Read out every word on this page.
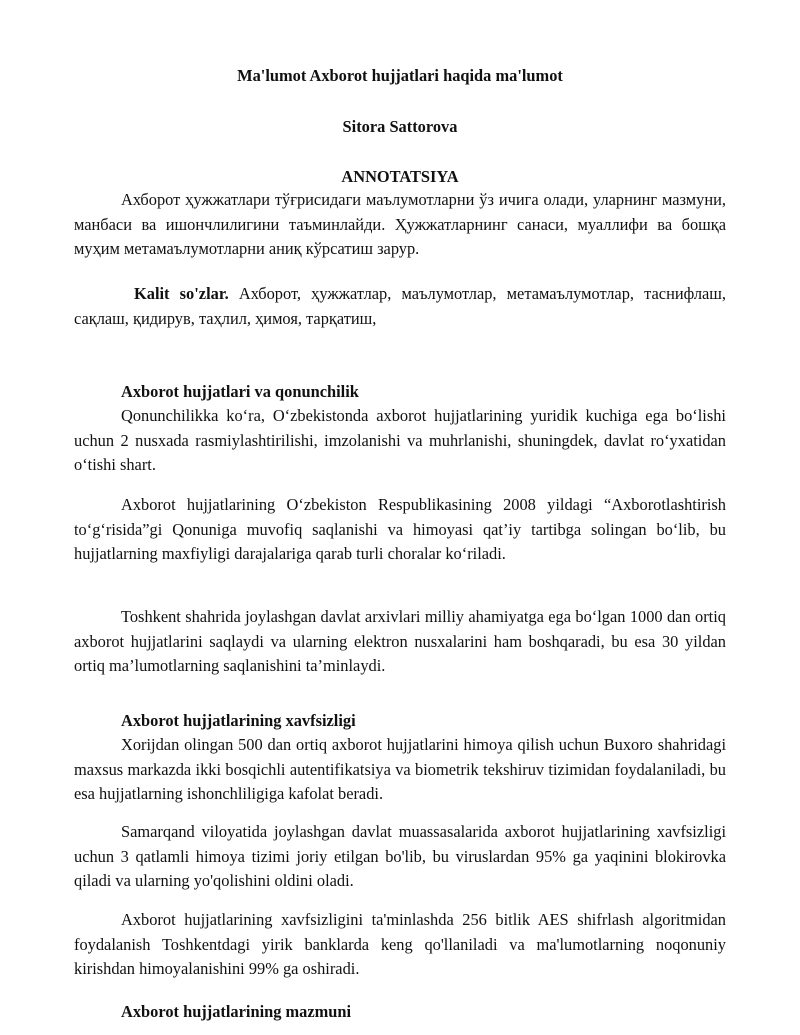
Ma'lumot Axborot hujjatlari haqida ma'lumot
Sitora Sattorova
ANNOTATSIYA

Ахборот ҳужжатлари тўғрисидаги маълумотларни ўз ичига олади, уларнинг мазмуни, манбаси ва ишончлилигини таъминлайди. Ҳужжатларнинг санаси, муаллифи ва бошқа муҳим метамаълумотларни аниқ кўрсатиш зарур.

Kalit so'zlar. Ахборот, ҳужжатлар, маълумотлар, метамаълумотлар, таснифлаш, сақлаш, қидирув, таҳлил, ҳимоя, тарқатиш,

Axborot hujjatlari va qonunchilik

Qonunchilikka ko‘ra, O‘zbekistonda axborot hujjatlarining yuridik kuchiga ega bo‘lishi uchun 2 nusxada rasmiylashtirilishi, imzolanishi va muhrlanishi, shuningdek, davlat ro‘yxatidan o‘tishi shart.

Axborot hujjatlarining O‘zbekiston Respublikasining 2008 yildagi “Axborotlashtirish to‘g‘risida”gi Qonuniga muvofiq saqlanishi va himoyasi qat’iy tartibga solingan bo‘lib, bu hujjatlarning maxfiyligi darajalariga qarab turli choralar ko‘riladi.

Toshkent shahrida joylashgan davlat arxivlari milliy ahamiyatga ega bo‘lgan 1000 dan ortiq axborot hujjatlarini saqlaydi va ularning elektron nusxalarini ham boshqaradi, bu esa 30 yildan ortiq ma’lumotlarning saqlanishini ta’minlaydi.

Axborot hujjatlarining xavfsizligi

Xorijdan olingan 500 dan ortiq axborot hujjatlarini himoya qilish uchun Buxoro shahridagi maxsus markazda ikki bosqichli autentifikatsiya va biometrik tekshiruv tizimidan foydalaniladi, bu esa hujjatlarning ishonchliligiga kafolat beradi.

Samarqand viloyatida joylashgan davlat muassasalarida axborot hujjatlarining xavfsizligi uchun 3 qatlamli himoya tizimi joriy etilgan bo'lib, bu viruslardan 95% ga yaqinini blokirovka qiladi va ularning yo'qolishini oldini oladi.

Axborot hujjatlarining xavfsizligini ta'minlashda 256 bitlik AES shifrlash algoritmidan foydalanish Toshkentdagi yirik banklarda keng qo'llaniladi va ma'lumotlarning noqonuniy kirishdan himoyalanishini 99% ga oshiradi.

Axborot hujjatlarining mazmuni
